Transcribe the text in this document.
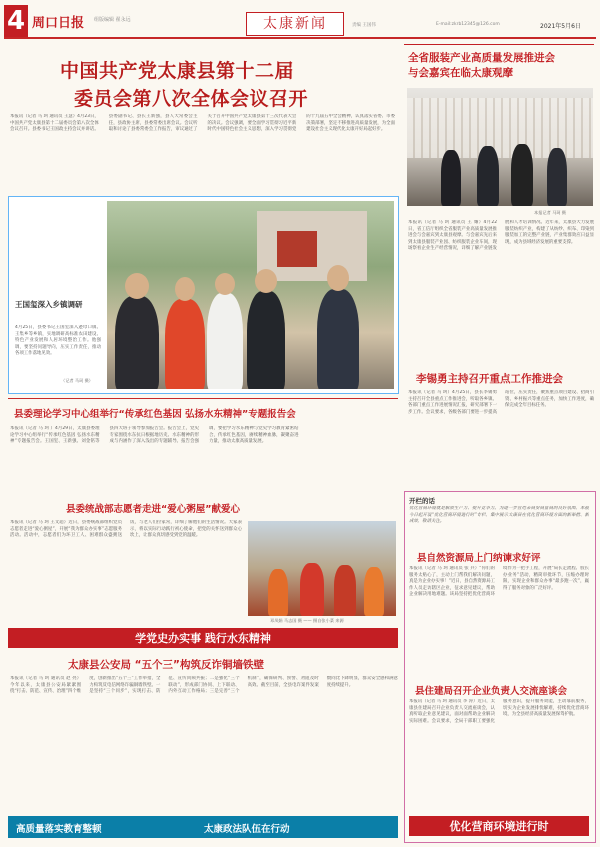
4 周口日报 组版编辑 翟永远	太康新闻	责编 王国伟	E-mail:zkrb12345@126.com	2021年5月6日
中国共产党太康县第十二届
委员会第八次全体会议召开
本报讯（记者 马 珂 通讯员 王慧）4月23日，中国共产党太康县第十二届委员会第八次全体会议召开。县委书记王国政主持会议并讲话。县委副书记、县长王新强，县人大常委会主任，县政协主席，县委常委出席会议。会议听取和讨论了县委常委会工作报告，审议通过了关于召开中国共产党太康县第十三次代表大会的决议。会议强调，要全面学习贯彻习近平新时代中国特色社会主义思想，深入学习贯彻党的十九届五中全会精神，认真落实省委、市委决策部署，坚定不移推进高质量发展，为全面建设社会主义现代化太康开好局起好步。
王国玺深入乡镇调研
4月25日，县委书记王国玺深入逊母口镇、王集乡等乡镇，实地调研高标准农田建设、特色产业发展和人居环境整治工作。他强调，要坚持问题导向，压实工作责任，推动各项工作落地见效。
（记者 马珂 摄）
全省服装产业高质量发展推进会
与会嘉宾在临太康观摩
本报记者 马珂 摄
本报讯（记者 马 珂 通讯员 王 耀）4月22日，省工信厅组织全省服装产业高质量发展推进会与会嘉宾到太康县观摩。与会嘉宾先后来到太康县服装产业园、纺织服装企业车间，现场察看企业生产经营情况，详细了解产业链发展和人才培训情况。近年来，太康县大力发展服装纺织产业，构建了从纺纱、织布、印染到服装加工的完整产业链，产业集群效应日益显现，成为县域经济发展的重要支撑。
李锡勇主持召开重点工作推进会
本报讯（记者 马 珂）4月25日，县长李锡勇主持召开全县重点工作推进会，听取各乡镇、各部门重点工作进展情况汇报，研究部署下一步工作。会议要求，各级各部门要进一步提高站位，压实责任，聚焦重点项目建设、招商引资、乡村振兴等重点任务，加快工作进度，确保完成全年目标任务。
县委理论学习中心组举行“传承红色基因 弘扬水东精神”专题报告会
本报讯（记者 马 珂 ）4月29日，太康县委理论学习中心组举行“传承红色基因 弘扬水东精神”专题报告会。王国玺、王新强、刘金铭等县四大班子领导参加报告会。报告会上，党史专家围绕水东抗日根据地历史、水东精神的形成与内涵作了深入浅出的专题辅导。报告会强调，要把学习水东精神与党史学习教育紧密结合，传承红色基因，赓续精神血脉，凝聚奋进力量，推动太康高质量发展。
县委统战部志愿者走进“爱心粥屋”献爱心
本报讯（记者 马 珂 王文超）近日，县委统战部组织党员志愿者走进“爱心粥屋”，开展“我为群众办实事”志愿服务活动。活动中，志愿者们为环卫工人、困难群众盛粥送饭，与老人们拉家常，详细了解他们的生活情况。大家表示，将以实际行动践行初心使命，把党的关怀送到群众心坎上，让群众真切感受到党的温暖。
邓凤娟 马志国 摄 —— 摄自张小菜 来源
学党史办实事 践行水东精神
太康县公安局 “五个三”构筑反诈铜墙铁壁
本报讯（记者 马 珂 通讯员 赵 亮）今年以来，太康县公安局紧紧围绕“打击、防范、宣传、治理”四个维度，创新推出“五个三”工作举措，全力构筑反电信网络诈骗铜墙铁壁。一是坚持“三个同步”，实现打击、防范、宣传同频共振；二是强化“三个联动”，形成部门协同、上下联动、内外互动工作格局；三是完善“三个机制”，确保研判、预警、劝阻及时高效。截至目前，全县电诈案件发案数同比下降明显，群众安全感和满意度持续提升。
高质量落实教育整顿	太康政法队伍在行动
开栏的话
优化营商环境就是解放生产力、提升竞争力。为进一步营造亲商安商富商的良好氛围，本报今日起开设“优化营商环境进行时”专栏，集中展示太康县在优化营商环境方面的新举措、新成效，敬请关注。
县自然资源局上门纳谏求好评
本报讯（记者 马 珂 通讯员 张 兵）“你们的服务太贴心了，主动上门帮我们解决问题，真是为企业办实事！”近日，县自然资源局工作人员走访辖区企业，征求意见建议，帮助企业解决用地难题。该局坚持把优化营商环境作为一把手工程，开展“局长走流程、股长办业务”活动，精简审批环节，压缩办理时限，实现企业和群众办事“最多跑一次”，赢得了服务对象的广泛好评。
县住建局召开企业负责人交流座谈会
本报讯（记者 马 珂 通讯员 李 涛）近日，太康县住建局召开企业负责人交流座谈会，认真听取企业意见建议，面对面帮助企业解决实际困难。会议要求，全局干部职工要强化服务意识，提升服务效能，主动靠前服务，切实为企业发展排忧解难，持续优化营商环境，为全县经济高质量发展保驾护航。
优化营商环境进行时
